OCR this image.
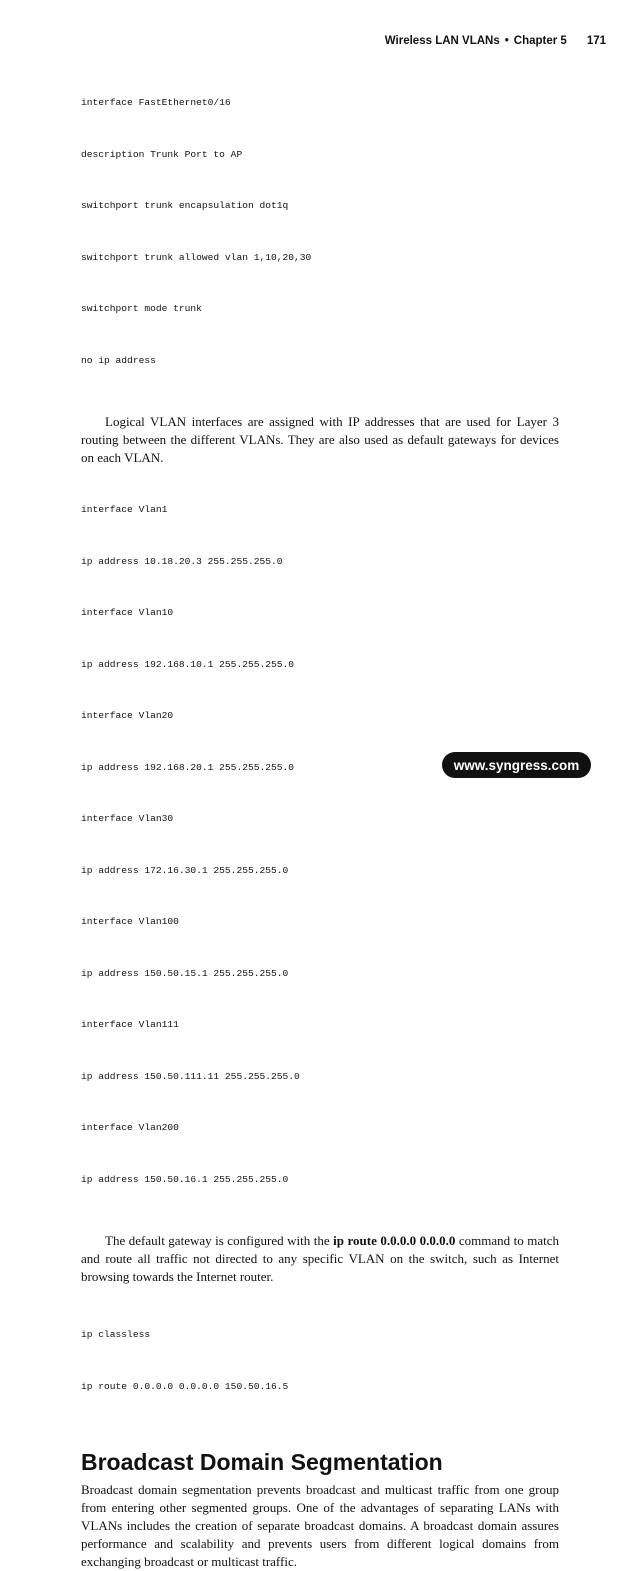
Wireless LAN VLANs • Chapter 5 171

interface FastEthernet0/16

description Trunk Port to AP

switchport trunk encapsulation dot1q

switchport trunk allowed vlan 1,10,20,30

switchport mode trunk

no ip address

Logical VLAN interfaces are assigned with IP addresses that are used for Layer 3 routing between the different VLANs. They are also used as default gateways for devices on each VLAN.

interface Vlan1

ip address 10.18.20.3 255.255.255.0

interface Vlan10

ip address 192.168.10.1 255.255.255.0

interface Vlan20

ip address 192.168.20.1 255.255.255.0

interface Vlan30

ip address 172.16.30.1 255.255.255.0

interface Vlan100

ip address 150.50.15.1 255.255.255.0

interface Vlan111

ip address 150.50.111.11 255.255.255.0

interface Vlan200

ip address 150.50.16.1 255.255.255.0

The default gateway is configured with the ip route 0.0.0.0 0.0.0.0 command to match and route all traffic not directed to any specific VLAN on the switch, such as Internet browsing towards the Internet router.

ip classless

ip route 0.0.0.0 0.0.0.0 150.50.16.5

Broadcast Domain Segmentation

Broadcast domain segmentation prevents broadcast and multicast traffic from one group from entering other segmented groups. One of the advantages of separating LANs with VLANs includes the creation of separate broadcast domains. A broadcast domain assures performance and scalability and prevents users from different logical domains from exchanging broadcast or multicast traffic.

www.syngress.com
